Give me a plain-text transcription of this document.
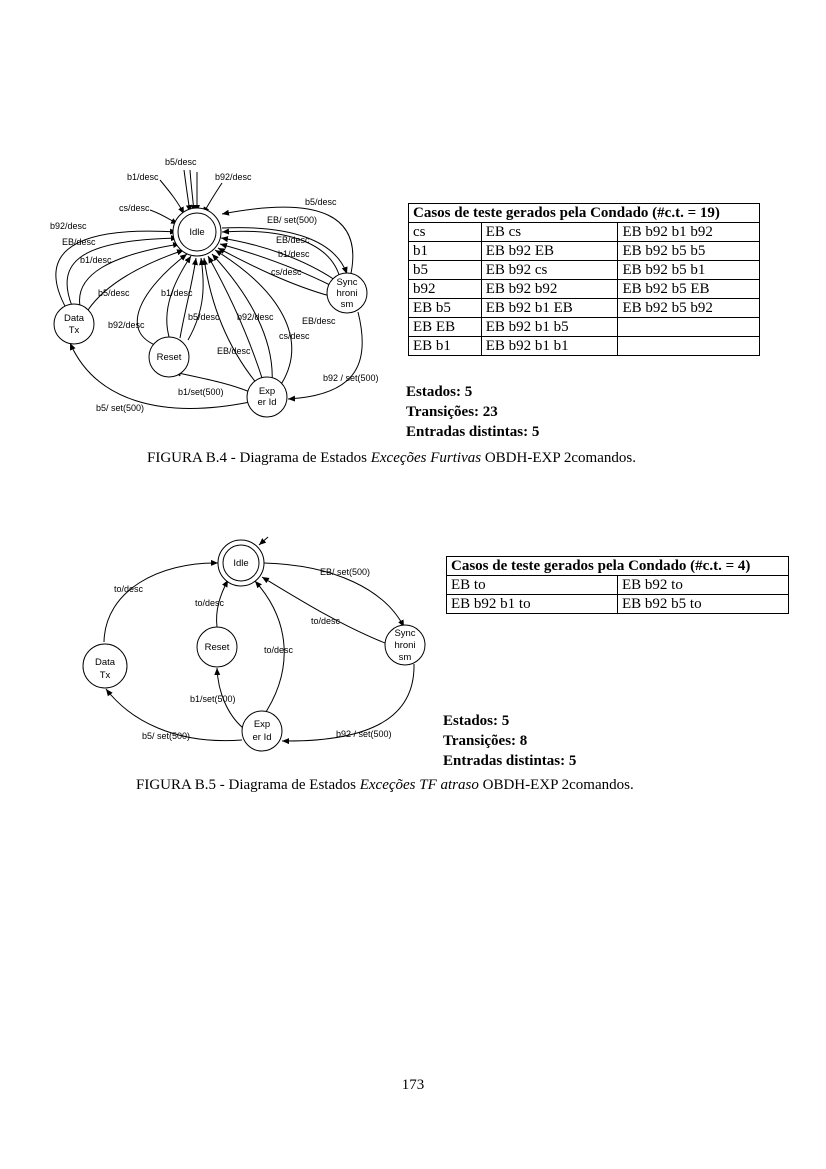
Idle
Sync
hroni
sm
Data
Tx
Reset
Exp
er Id
b5/desc
b1/desc	b92/desc
cs/desc
b92/desc
EB/desc
b1/desc
b5/desc
b92/desc
b1/desc
b5/desc b92/desc
EB/desc
b5/desc
EB/ set(500)
EB/desc
b1/desc
cs/desc
EB/desc
cs/desc
b92 / set(500)
b1/set(500)
b5/ set(500)
Idle
Sync
hroni
sm
Data
Tx
Reset
Exp
er Id
to/desc
to/desc
to/desc
to/desc
EB/ set(500)
b1/set(500)
b5/ set(500)	b92 / set(500)
Casos de teste gerados pela Condado (#c.t. = 19)		
cs	EB cs	EB b92 b1 b92
b1	EB b92 EB	EB b92 b5 b5
b5	EB b92 cs	EB b92 b5 b1
b92	EB b92 b92	EB b92 b5 EB
EB b5	EB b92 b1 EB	EB b92 b5 b92
EB EB	EB b92 b1 b5	
EB b1	EB b92 b1 b1	
Estados: 5
Transições: 23
Entradas distintas: 5
FIGURA B.4 - Diagrama de Estados Exceções Furtivas OBDH-EXP 2comandos.
Casos de teste gerados pela Condado (#c.t. = 4)	
EB to	EB b92 to
EB b92 b1 to	EB b92 b5 to
Estados: 5
Transições: 8
Entradas distintas: 5
FIGURA B.5 - Diagrama de Estados Exceções TF atraso OBDH-EXP 2comandos.
173
